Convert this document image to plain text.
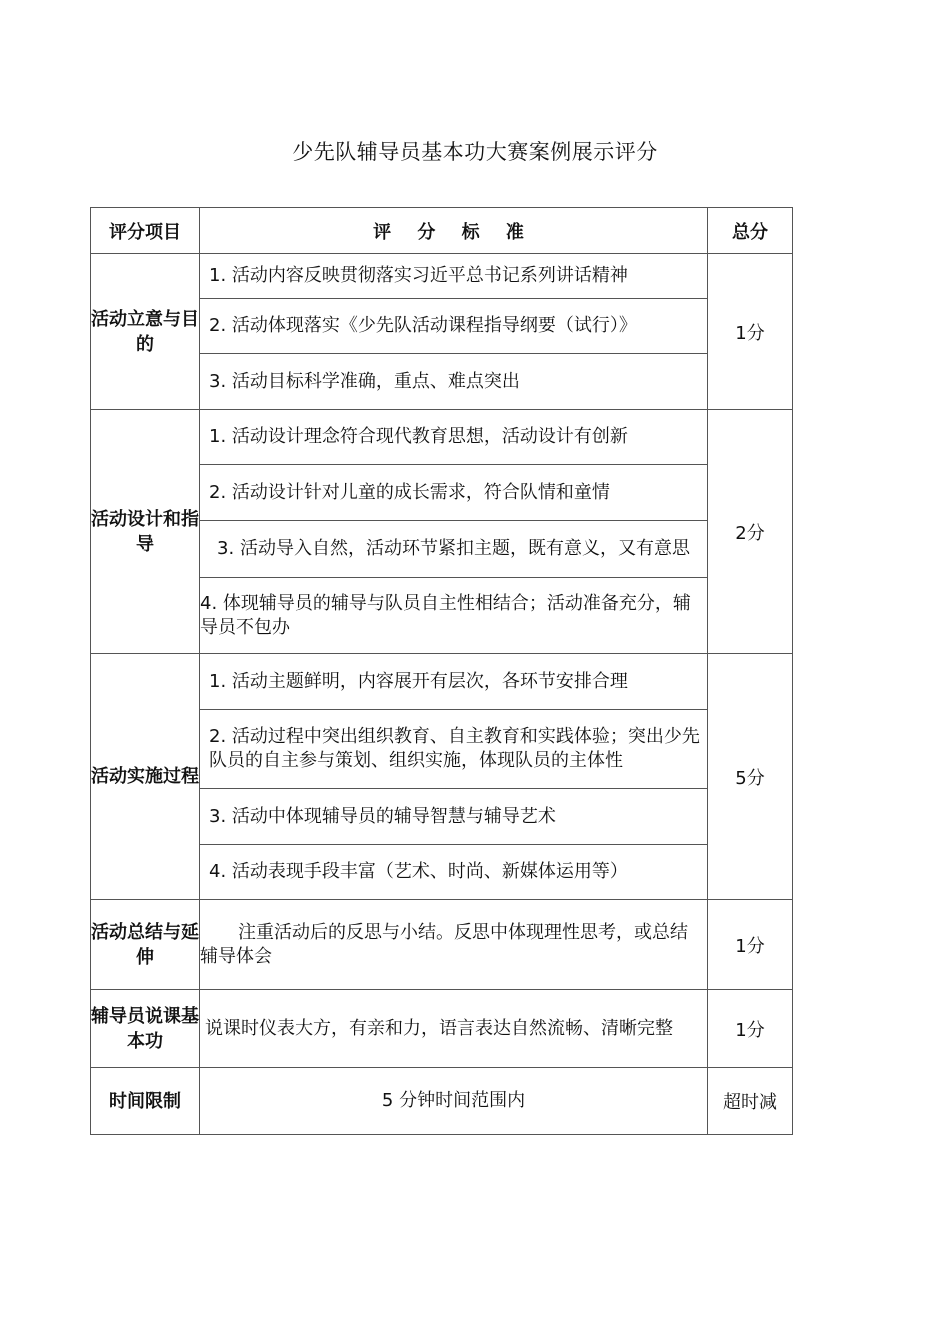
少先队辅导员基本功大赛案例展示评分
评分项目	评 分 标 准	总分
活动立意与目的	1. 活动内容反映贯彻落实习近平总书记系列讲话精神	1分
	2. 活动体现落实《少先队活动课程指导纲要（试行）》	
	3. 活动目标科学准确，重点、难点突出	
活动设计和指导	1. 活动设计理念符合现代教育思想，活动设计有创新	2分
	2. 活动设计针对儿童的成长需求，符合队情和童情	
	3. 活动导入自然，活动环节紧扣主题，既有意义，又有意思	
	4. 体现辅导员的辅导与队员自主性相结合；活动准备充分，辅导员不包办	
活动实施过程	1. 活动主题鲜明，内容展开有层次，各环节安排合理	5分
	2. 活动过程中突出组织教育、自主教育和实践体验；突出少先队员的自主参与策划、组织实施，体现队员的主体性	
	3. 活动中体现辅导员的辅导智慧与辅导艺术	
	4. 活动表现手段丰富（艺术、时尚、新媒体运用等）	
活动总结与延伸	注重活动后的反思与小结。反思中体现理性思考，或总结辅导体会	1分
辅导员说课基本功	说课时仪表大方，有亲和力，语言表达自然流畅、清晰完整	1分
时间限制	5 分钟时间范围内	超时减
